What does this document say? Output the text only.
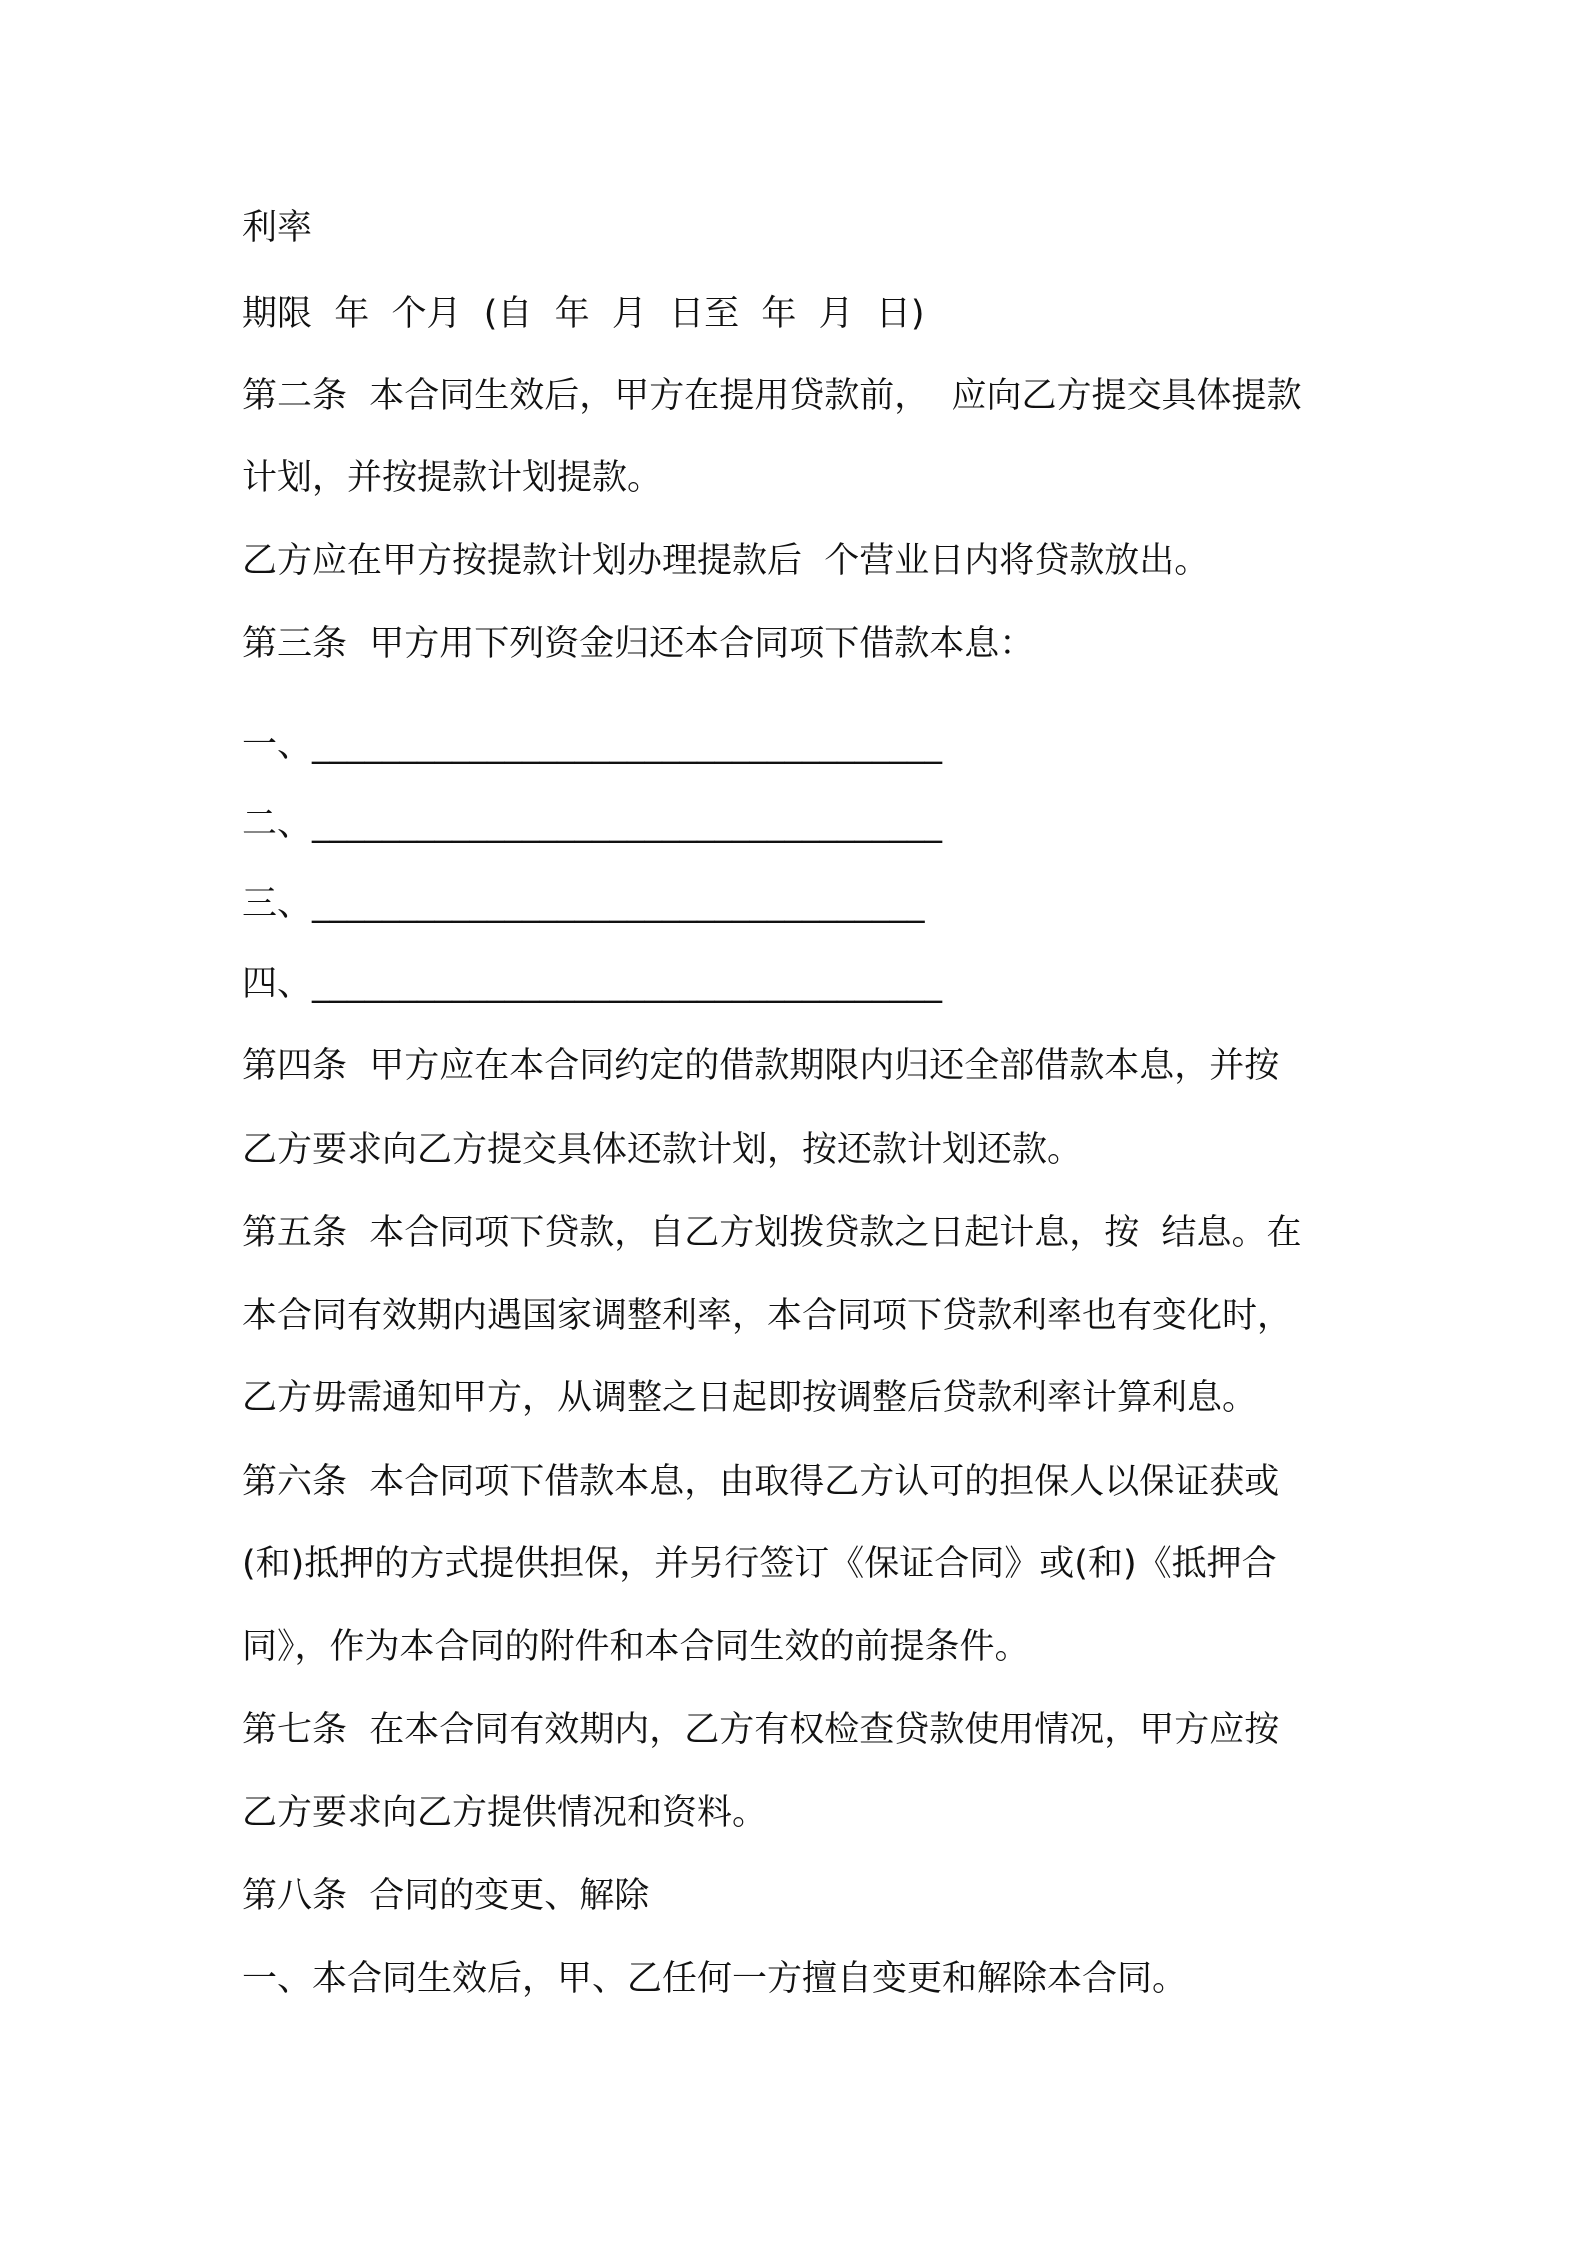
利率

期限  年  个月  (自  年  月  日至  年  月  日)

第二条  本合同生效后，甲方在提用贷款前，  应向乙方提交具体提款

计划，并按提款计划提款。

乙方应在甲方按提款计划办理提款后  个营业日内将贷款放出。

第三条  甲方用下列资金归还本合同项下借款本息：

一、____________________________________

二、____________________________________

三、___________________________________

四、____________________________________

第四条  甲方应在本合同约定的借款期限内归还全部借款本息，并按

乙方要求向乙方提交具体还款计划，按还款计划还款。

第五条  本合同项下贷款，自乙方划拨贷款之日起计息，按  结息。在

本合同有效期内遇国家调整利率，本合同项下贷款利率也有变化时，

乙方毋需通知甲方，从调整之日起即按调整后贷款利率计算利息。

第六条  本合同项下借款本息，由取得乙方认可的担保人以保证获或

(和)抵押的方式提供担保，并另行签订《保证合同》或(和)《抵押合

同》，作为本合同的附件和本合同生效的前提条件。

第七条  在本合同有效期内，乙方有权检查贷款使用情况，甲方应按

乙方要求向乙方提供情况和资料。

第八条  合同的变更、解除

一、本合同生效后，甲、乙任何一方擅自变更和解除本合同。
